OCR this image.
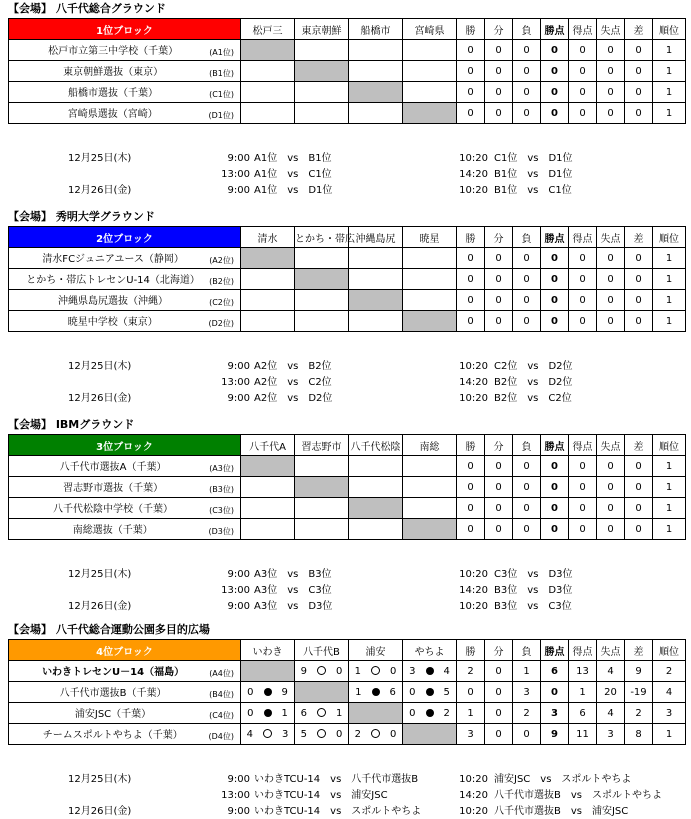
【会場】 八千代総合グラウンド
1位ブロック	松戸三	東京朝鮮	船橋市	宮崎県	勝	分	負	勝点	得点	失点	差	順位

(A1位)
松戸市立第三中学校（千葉）					0	0	0	0	0	0	0	1

(B1位)
東京朝鮮選抜（東京）					0	0	0	0	0	0	0	1

(C1位)
船橋市選抜（千葉）					0	0	0	0	0	0	0	1

(D1位)
宮崎県選抜（宮崎）					0	0	0	0	0	0	0	1
12月25日(木)	9:00 A1位　vs　B1位	10:20 C1位　vs　D1位
13:00 A1位　vs　C1位	14:20 B1位　vs　D1位
12月26日(金)	9:00 A1位　vs　D1位	10:20 B1位　vs　C1位
【会場】 秀明大学グラウンド
2位ブロック	清水	とかち・帯広	沖縄島尻	暁星	勝	分	負	勝点	得点	失点	差	順位

(A2位)
清水FCジュニアユース（静岡）					0	0	0	0	0	0	0	1

(B2位)
とかち・帯広トレセンU-14（北海道）					0	0	0	0	0	0	0	1

(C2位)
沖縄県島尻選抜（沖縄）					0	0	0	0	0	0	0	1

(D2位)
暁星中学校（東京）					0	0	0	0	0	0	0	1
12月25日(木)	9:00 A2位　vs　B2位	10:20 C2位　vs　D2位
13:00 A2位　vs　C2位	14:20 B2位　vs　D2位
12月26日(金)	9:00 A2位　vs　D2位	10:20 B2位　vs　C2位
【会場】 IBMグラウンド
3位ブロック	八千代A	習志野市	八千代松陰	南総	勝	分	負	勝点	得点	失点	差	順位

(A3位)
八千代市選抜A（千葉）					0	0	0	0	0	0	0	1

(B3位)
習志野市選抜（千葉）					0	0	0	0	0	0	0	1

(C3位)
八千代松陰中学校（千葉）					0	0	0	0	0	0	0	1

(D3位)
南総選抜（千葉）					0	0	0	0	0	0	0	1
12月25日(木)	9:00 A3位　vs　B3位	10:20 C3位　vs　D3位
13:00 A3位　vs　C3位	14:20 B3位　vs　D3位
12月26日(金)	9:00 A3位　vs　D3位	10:20 B3位　vs　C3位
【会場】 八千代総合運動公園多目的広場
4位ブロック	いわき	八千代B	浦安	やちよ	勝	分	負	勝点	得点	失点	差	順位

(A4位)
いわきトレセンU－14（福島）		9 0	1 0	3 4	2	0	1	6	13	4	9	2

(B4位)
八千代市選抜B（千葉）	0 9		1 6	0 5	0	0	3	0	1	20	-19	4

(C4位)
浦安JSC（千葉）	0 1	6 1		0 2	1	0	2	3	6	4	2	3

(D4位)
チームスポルトやちよ（千葉）	4 3	5 0	2 0		3	0	0	9	11	3	8	1
12月25日(木)	9:00 いわきTCU-14　vs　八千代市選抜B	10:20 浦安JSC　vs　スポルトやちよ
13:00 いわきTCU-14　vs　浦安JSC	14:20 八千代市選抜B　vs　スポルトやちよ
12月26日(金)	9:00 いわきTCU-14　vs　スポルトやちよ	10:20 八千代市選抜B　vs　浦安JSC
